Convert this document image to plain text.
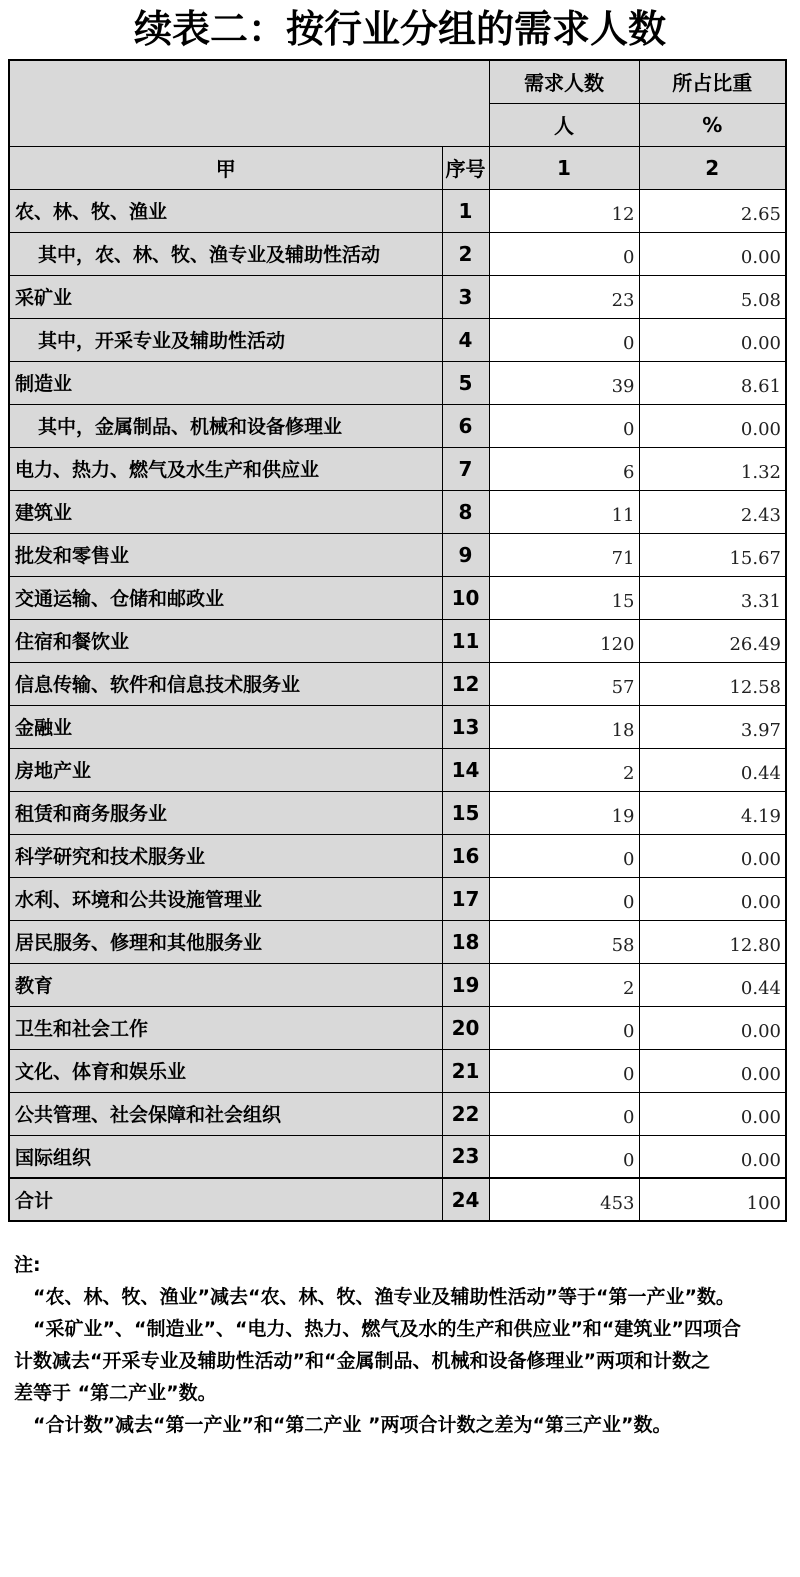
续表二：按行业分组的需求人数
		需求人数	所占比重
		人	%
甲	序号	1	2
农、林、牧、渔业	1	12	2.65
其中，农、林、牧、渔专业及辅助性活动	2	0	0.00
采矿业	3	23	5.08
其中，开采专业及辅助性活动	4	0	0.00
制造业	5	39	8.61
其中，金属制品、机械和设备修理业	6	0	0.00
电力、热力、燃气及水生产和供应业	7	6	1.32
建筑业	8	11	2.43
批发和零售业	9	71	15.67
交通运输、仓储和邮政业	10	15	3.31
住宿和餐饮业	11	120	26.49
信息传输、软件和信息技术服务业	12	57	12.58
金融业	13	18	3.97
房地产业	14	2	0.44
租赁和商务服务业	15	19	4.19
科学研究和技术服务业	16	0	0.00
水利、环境和公共设施管理业	17	0	0.00
居民服务、修理和其他服务业	18	58	12.80
教育	19	2	0.44
卫生和社会工作	20	0	0.00
文化、体育和娱乐业	21	0	0.00
公共管理、社会保障和社会组织	22	0	0.00
国际组织	23	0	0.00
合计	24	453	100

注:

　“农、林、牧、渔业”减去“农、林、牧、渔专业及辅助性活动”等于“第一产业”数。

　“采矿业”、“制造业”、“电力、热力、燃气及水的生产和供应业”和“建筑业”四项合

计数减去“开采专业及辅助性活动”和“金属制品、机械和设备修理业”两项和计数之

差等于 “第二产业”数。

　“合计数”减去“第一产业”和“第二产业 ”两项合计数之差为“第三产业”数。
